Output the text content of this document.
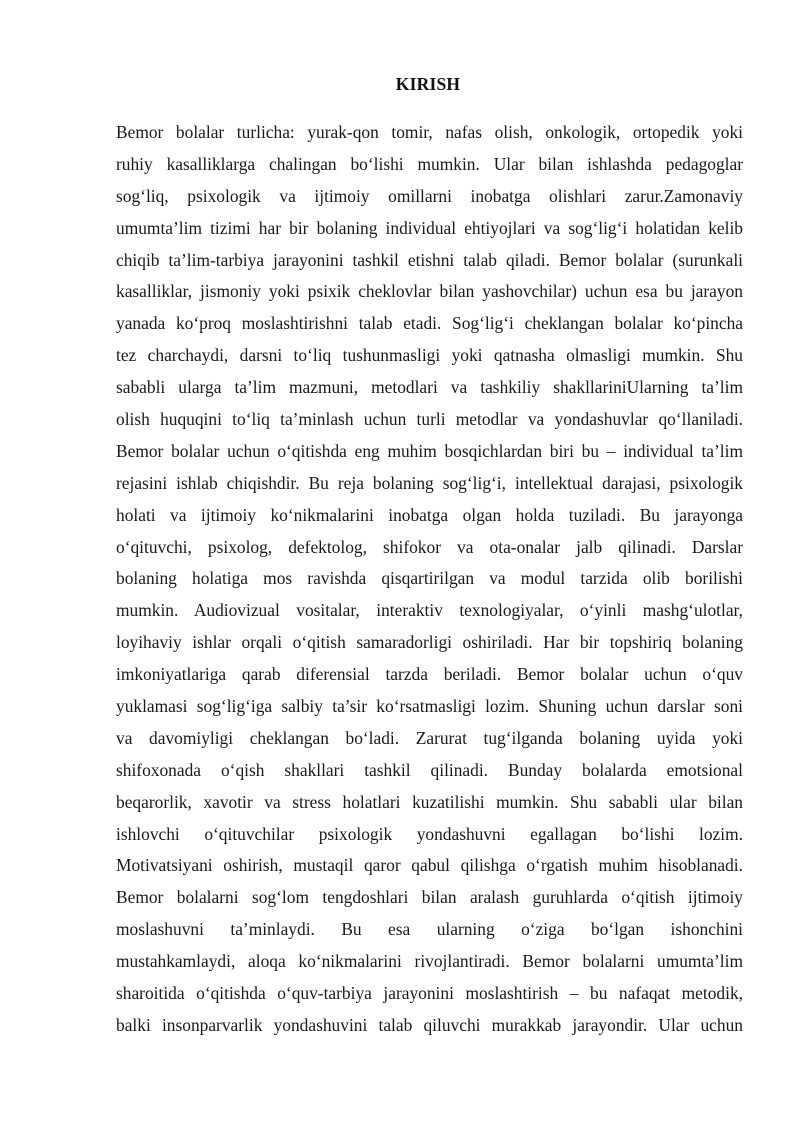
KIRISH
Bemor bolalar turlicha: yurak-qon tomir, nafas olish, onkologik, ortopedik yoki
ruhiy kasalliklarga chalingan bo‘lishi mumkin. Ular bilan ishlashda pedagoglar
sog‘liq, psixologik va ijtimoiy omillarni inobatga olishlari zarur.Zamonaviy
umumta’lim tizimi har bir bolaning individual ehtiyojlari va sog‘lig‘i holatidan kelib
chiqib ta’lim-tarbiya jarayonini tashkil etishni talab qiladi. Bemor bolalar (surunkali
kasalliklar, jismoniy yoki psixik cheklovlar bilan yashovchilar) uchun esa bu jarayon
yanada ko‘proq moslashtirishni talab etadi. Sog‘lig‘i cheklangan bolalar ko‘pincha
tez charchaydi, darsni to‘liq tushunmasligi yoki qatnasha olmasligi mumkin. Shu
sababli ularga ta’lim mazmuni, metodlari va tashkiliy shakllariniUlarning ta’lim
olish huquqini to‘liq ta’minlash uchun turli metodlar va yondashuvlar qo‘llaniladi.
Bemor bolalar uchun o‘qitishda eng muhim bosqichlardan biri bu – individual ta’lim
rejasini ishlab chiqishdir. Bu reja bolaning sog‘lig‘i, intellektual darajasi, psixologik
holati va ijtimoiy ko‘nikmalarini inobatga olgan holda tuziladi. Bu jarayonga
o‘qituvchi, psixolog, defektolog, shifokor va ota-onalar jalb qilinadi. Darslar
bolaning holatiga mos ravishda qisqartirilgan va modul tarzida olib borilishi
mumkin. Audiovizual vositalar, interaktiv texnologiyalar, o‘yinli mashg‘ulotlar,
loyihaviy ishlar orqali o‘qitish samaradorligi oshiriladi. Har bir topshiriq bolaning
imkoniyatlariga qarab diferensial tarzda beriladi. Bemor bolalar uchun o‘quv
yuklamasi sog‘lig‘iga salbiy ta’sir ko‘rsatmasligi lozim. Shuning uchun darslar soni
va davomiyligi cheklangan bo‘ladi. Zarurat tug‘ilganda bolaning uyida yoki
shifoxonada o‘qish shakllari tashkil qilinadi. Bunday bolalarda emotsional
beqarorlik, xavotir va stress holatlari kuzatilishi mumkin. Shu sababli ular bilan
ishlovchi o‘qituvchilar psixologik yondashuvni egallagan bo‘lishi lozim.
Motivatsiyani oshirish, mustaqil qaror qabul qilishga o‘rgatish muhim hisoblanadi.
Bemor bolalarni sog‘lom tengdoshlari bilan aralash guruhlarda o‘qitish ijtimoiy
moslashuvni ta’minlaydi. Bu esa ularning o‘ziga bo‘lgan ishonchini
mustahkamlaydi, aloqa ko‘nikmalarini rivojlantiradi. Bemor bolalarni umumta’lim
sharoitida o‘qitishda o‘quv-tarbiya jarayonini moslashtirish – bu nafaqat metodik,
balki insonparvarlik yondashuvini talab qiluvchi murakkab jarayondir. Ular uchun
